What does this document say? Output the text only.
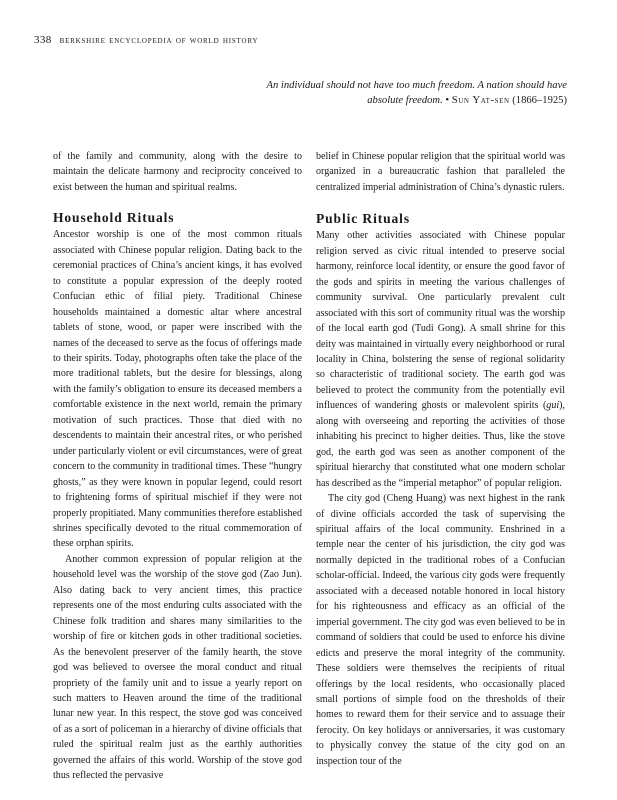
338 berkshire encyclopedia of world history
An individual should not have too much freedom. A nation should have absolute freedom. • Sun Yat-sen (1866–1925)

of the family and community, along with the desire to maintain the delicate harmony and reciprocity conceived to exist between the human and spiritual realms.

Household Rituals

Ancestor worship is one of the most common rituals associated with Chinese popular religion. Dating back to the ceremonial practices of China’s ancient kings, it has evolved to constitute a popular expression of the deeply rooted Confucian ethic of filial piety. Traditional Chinese households maintained a domestic altar where ancestral tablets of stone, wood, or paper were inscribed with the names of the deceased to serve as the focus of offerings made to their spirits. Today, photographs often take the place of the more traditional tablets, but the desire for blessings, along with the family’s obligation to ensure its deceased members a comfortable existence in the next world, remain the primary motivation of such practices. Those that died with no descendents to maintain their ancestral rites, or who perished under particularly violent or evil circumstances, were of great concern to the community in traditional times. These “hungry ghosts,” as they were known in popular legend, could resort to frightening forms of spiritual mischief if they were not properly propitiated. Many communities therefore established shrines specifically devoted to the ritual commemoration of these orphan spirits.

Another common expression of popular religion at the household level was the worship of the stove god (Zao Jun). Also dating back to very ancient times, this practice represents one of the most enduring cults associated with the Chinese folk tradition and shares many similarities to the worship of fire or kitchen gods in other traditional societies. As the benevolent preserver of the family hearth, the stove god was believed to oversee the moral conduct and ritual propriety of the family unit and to issue a yearly report on such matters to Heaven around the time of the traditional lunar new year. In this respect, the stove god was conceived of as a sort of policeman in a hierarchy of divine officials that ruled the spiritual realm just as the earthly authorities governed the affairs of this world. Worship of the stove god thus reflected the pervasive

belief in Chinese popular religion that the spiritual world was organized in a bureaucratic fashion that paralleled the centralized imperial administration of China’s dynastic rulers.

Public Rituals

Many other activities associated with Chinese popular religion served as civic ritual intended to preserve social harmony, reinforce local identity, or ensure the good favor of the gods and spirits in meeting the various challenges of community survival. One particularly prevalent cult associated with this sort of community ritual was the worship of the local earth god (Tudi Gong). A small shrine for this deity was maintained in virtually every neighborhood or rural locality in China, bolstering the sense of regional solidarity so characteristic of traditional society. The earth god was believed to protect the community from the potentially evil influences of wandering ghosts or malevolent spirits (gui), along with overseeing and reporting the activities of those inhabiting his precinct to higher deities. Thus, like the stove god, the earth god was seen as another component of the spiritual hierarchy that constituted what one modern scholar has described as the “imperial metaphor” of popular religion.

The city god (Cheng Huang) was next highest in the rank of divine officials accorded the task of supervising the spiritual affairs of the local community. Enshrined in a temple near the center of his jurisdiction, the city god was normally depicted in the traditional robes of a Confucian scholar-official. Indeed, the various city gods were frequently associated with a deceased notable honored in local history for his righteousness and efficacy as an official of the imperial government. The city god was even believed to be in command of soldiers that could be used to enforce his divine edicts and preserve the moral integrity of the community. These soldiers were themselves the recipients of ritual offerings by the local residents, who occasionally placed small portions of simple food on the thresholds of their homes to reward them for their service and to assuage their ferocity. On key holidays or anniversaries, it was customary to physically convey the statue of the city god on an inspection tour of the
